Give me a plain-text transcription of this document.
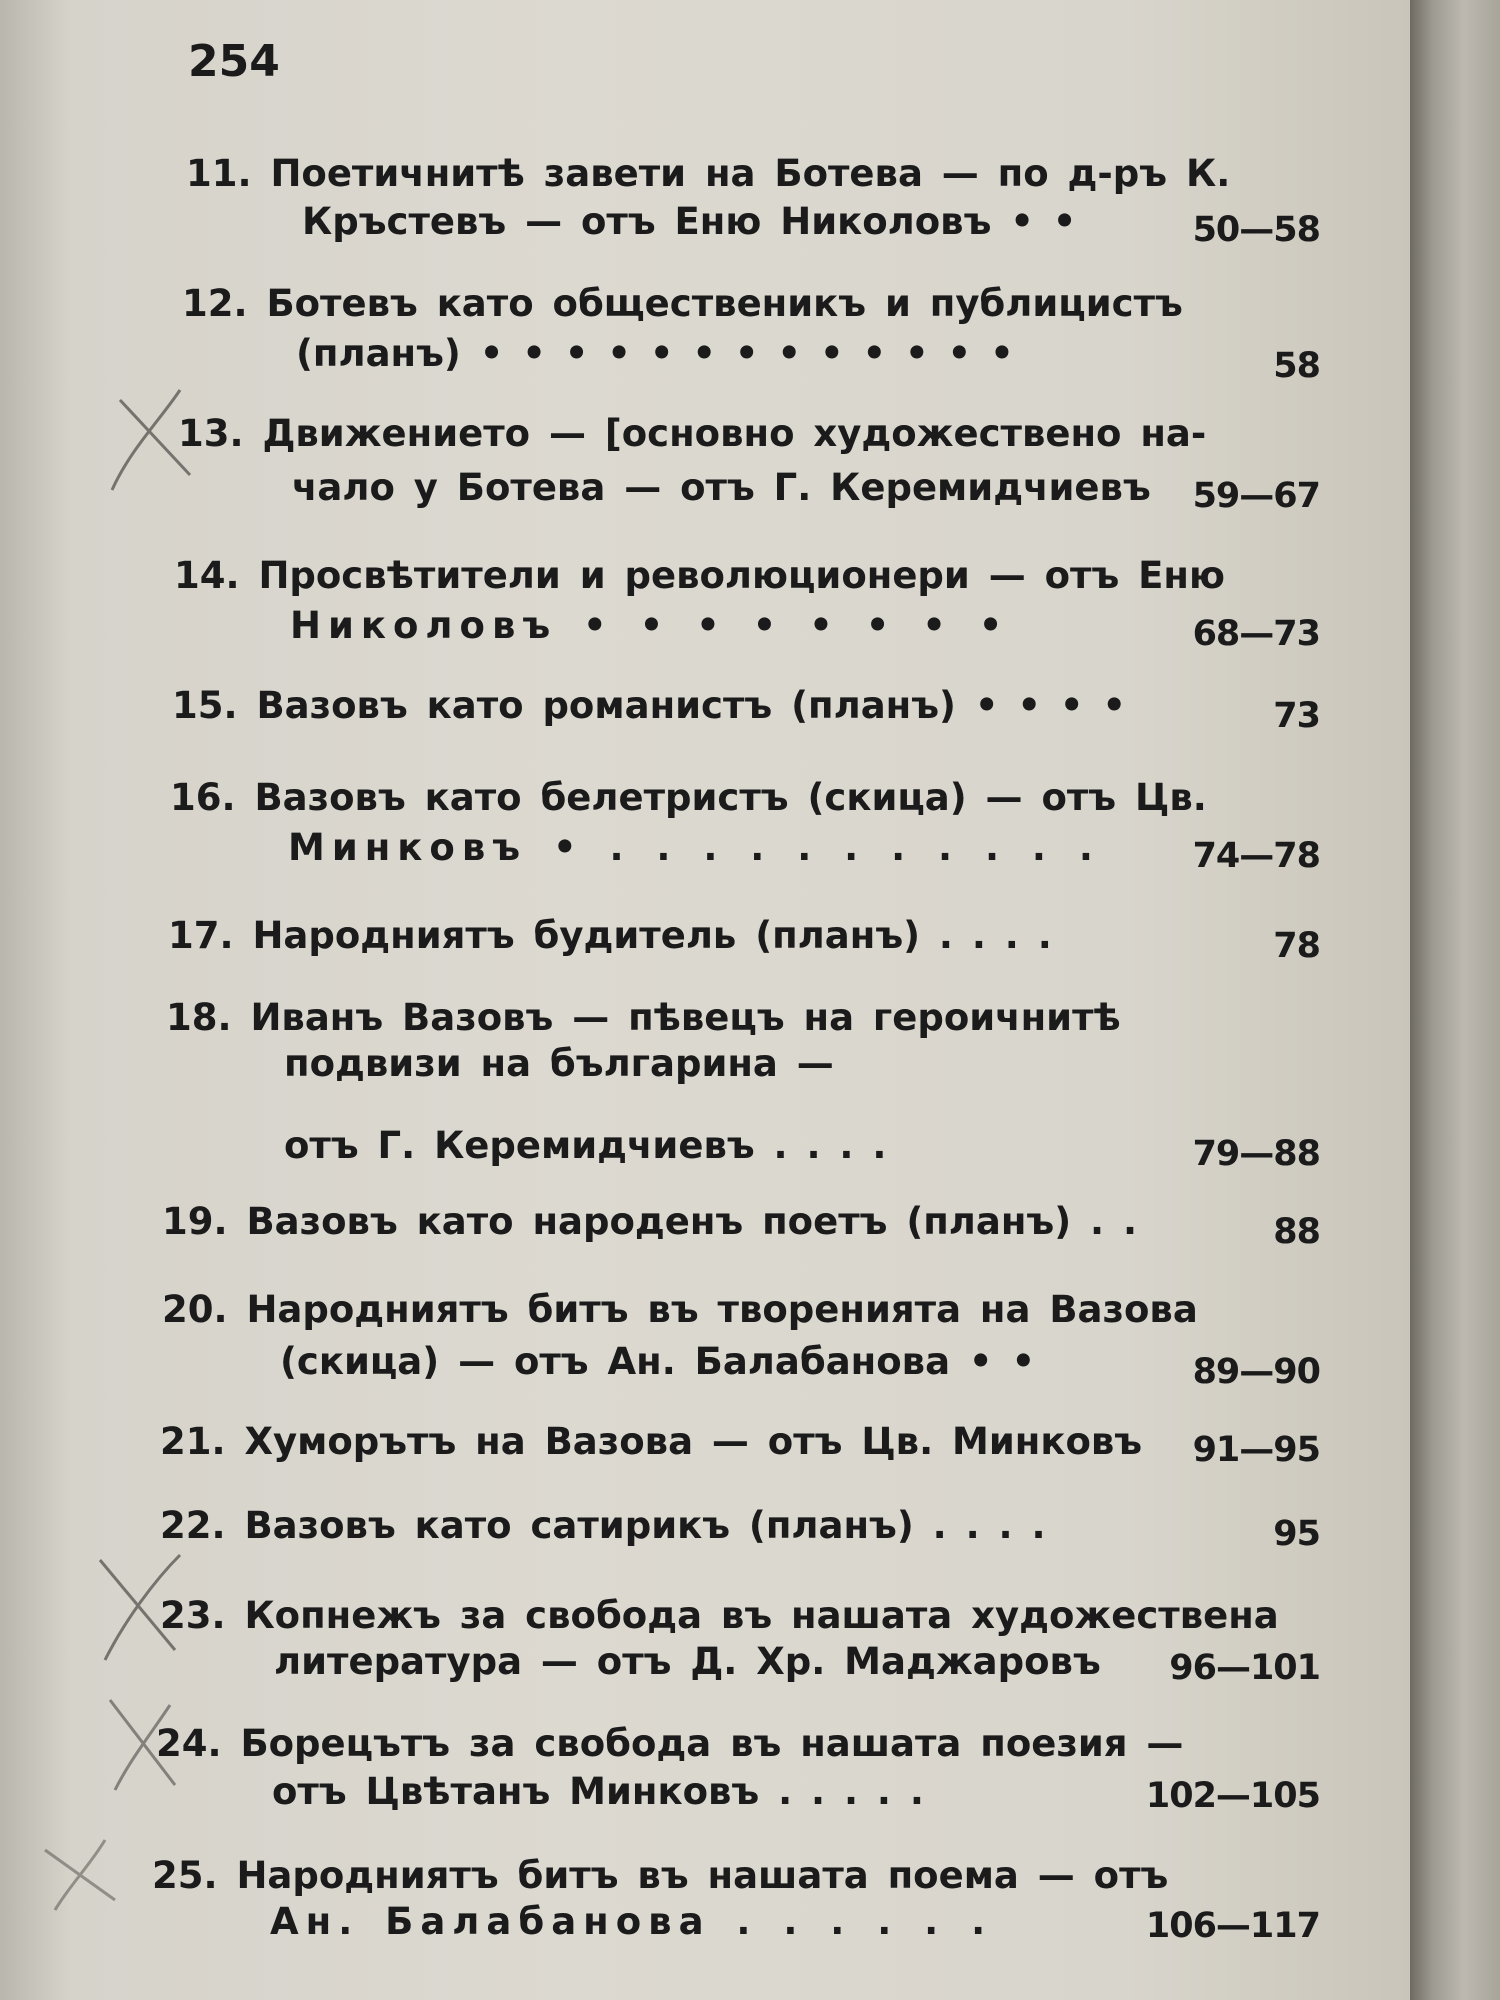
254
11. Поетичнитѣ завети на Ботева — по д-ръ К.
Кръстевъ — отъ Еню Николовъ • •	50—58
12. Ботевъ като общественикъ и публицистъ
(планъ) • • • • • • • • • • • • •	58
13. Движението — [основно художествено на-
чало у Ботева — отъ Г. Керемидчиевъ 59—67
14. Просвѣтители и революционери — отъ Еню
Николовъ • • • • • • • •	68—73
15. Вазовъ като романистъ (планъ) • • • •	73
16. Вазовъ като белетристъ (скица) — отъ Цв.
Минковъ • . . . . . . . . . . .	74—78
17. Народниятъ будитель (планъ) . . . .	78
18. Иванъ Вазовъ — пѣвецъ на героичнитѣ
подвизи на българина —
отъ Г. Керемидчиевъ . . . .	79—88
19. Вазовъ като народенъ поетъ (планъ) . .	88
20. Народниятъ битъ въ творенията на Вазова
(скица) — отъ Ан. Балабанова • •	89—90
21. Хуморътъ на Вазова — отъ Цв. Минковъ 91—95
22. Вазовъ като сатирикъ (планъ) . . . .	95
23. Копнежъ за свобода въ нашата художествена
литература — отъ Д. Хр. Маджаровъ 96—101
24. Борецътъ за свобода въ нашата поезия —
отъ Цвѣтанъ Минковъ . . . . .	102—105
25. Народниятъ битъ въ нашата поема — отъ
Ан. Балабанова . . . . . .	106—117
